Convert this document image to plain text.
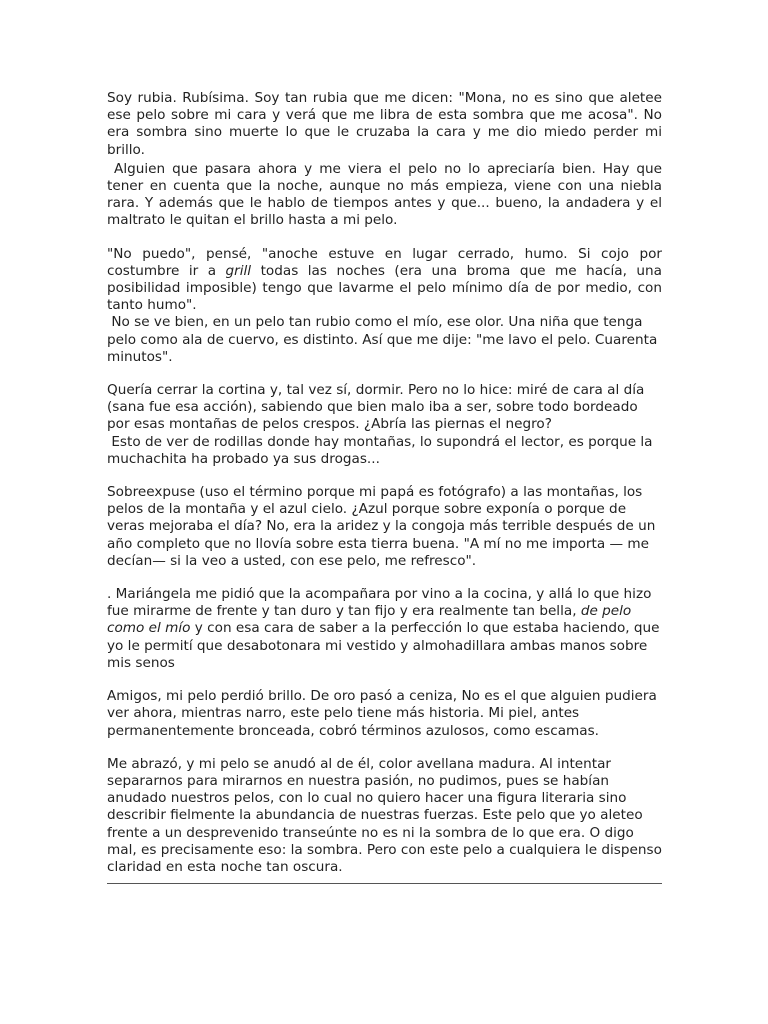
Soy rubia. Rubísima. Soy tan rubia que me dicen: "Mona, no es sino que aletee ese pelo sobre mi cara y verá que me libra de esta sombra que me acosa". No era sombra sino muerte lo que le cruzaba la cara y me dio miedo perder mi brillo.

Alguien que pasara ahora y me viera el pelo no lo apreciaría bien. Hay que tener en cuenta que la noche, aunque no más empieza, viene con una niebla rara. Y además que le hablo de tiempos antes y que... bueno, la andadera y el maltrato le quitan el brillo hasta a mi pelo.

"No puedo", pensé, "anoche estuve en lugar cerrado, humo. Si cojo por costumbre ir a grill todas las noches (era una broma que me hacía, una posibilidad imposible) tengo que lavarme el pelo mínimo día de por medio, con tanto humo".

No se ve bien, en un pelo tan rubio como el mío, ese olor. Una niña que tenga pelo como ala de cuervo, es distinto. Así que me dije: "me lavo el pelo. Cuarenta minutos".

Quería cerrar la cortina y, tal vez sí, dormir. Pero no lo hice: miré de cara al día (sana fue esa acción), sabiendo que bien malo iba a ser, sobre todo bordeado por esas montañas de pelos crespos. ¿Abría las piernas el negro?

Esto de ver de rodillas donde hay montañas, lo supondrá el lector, es porque la muchachita ha probado ya sus drogas...

Sobreexpuse (uso el término porque mi papá es fotógrafo) a las montañas, los pelos de la montaña y el azul cielo. ¿Azul porque sobre exponía o porque de veras mejoraba el día? No, era la aridez y la congoja más terrible después de un año completo que no llovía sobre esta tierra buena. "A mí no me importa — me decían— si la veo a usted, con ese pelo, me refresco".

. Mariángela me pidió que la acompañara por vino a la cocina, y allá lo que hizo fue mirarme de frente y tan duro y tan fijo y era realmente tan bella, de pelo como el mío y con esa cara de saber a la perfección lo que estaba haciendo, que yo le permití que desabotonara mi vestido y almohadillara ambas manos sobre mis senos

Amigos, mi pelo perdió brillo. De oro pasó a ceniza, No es el que alguien pudiera ver ahora, mientras narro, este pelo tiene más historia. Mi piel, antes permanentemente bronceada, cobró términos azulosos, como escamas.

Me abrazó, y mi pelo se anudó al de él, color avellana madura. Al intentar separarnos para mirarnos en nuestra pasión, no pudimos, pues se habían anudado nuestros pelos, con lo cual no quiero hacer una figura literaria sino describir fielmente la abundancia de nuestras fuerzas. Este pelo que yo aleteo frente a un desprevenido transeúnte no es ni la sombra de lo que era. O digo mal, es precisamente eso: la sombra. Pero con este pelo a cualquiera le dispenso claridad en esta noche tan oscura.
